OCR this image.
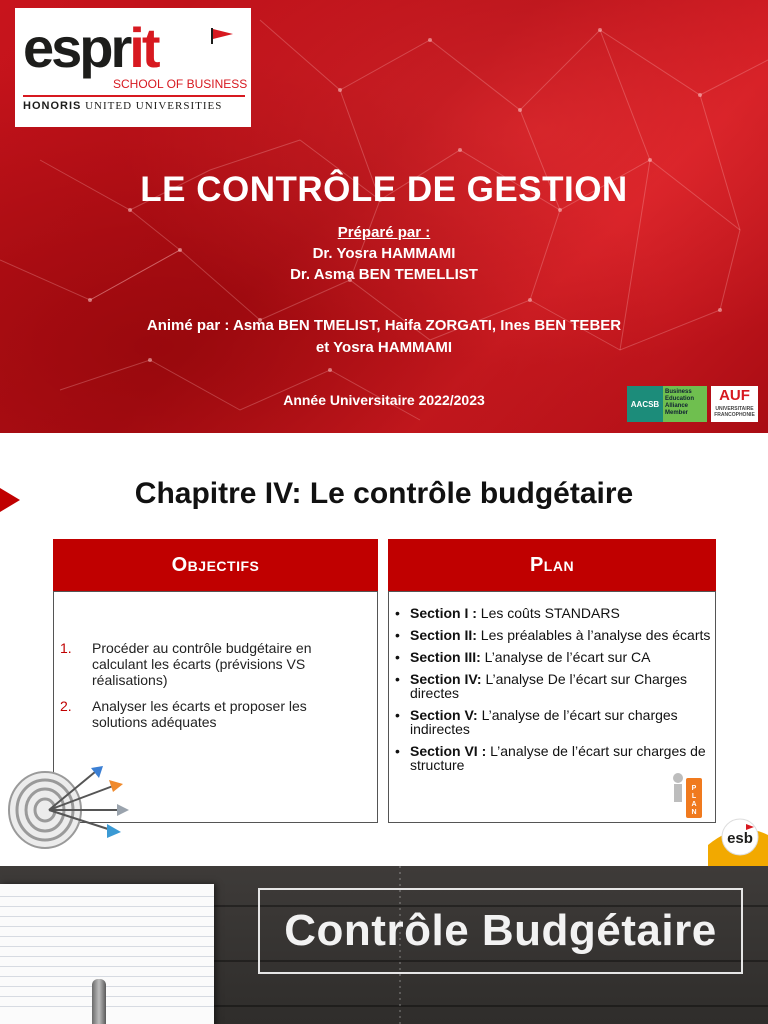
esprit
SCHOOL OF BUSINESS
HONORIS UNITED UNIVERSITIES
LE CONTRÔLE DE GESTION
Préparé par :
Dr. Yosra HAMMAMI
Dr. Asma BEN TEMELLIST
Animé par : Asma BEN TMELIST, Haifa ZORGATI, Ines BEN TEBER
et Yosra HAMMAMI
Année Universitaire 2022/2023	AACSB
Business Education Alliance Member
AUF
UNIVERSITAIRE FRANCOPHONIE
Chapitre IV: Le contrôle budgétaire
Objectifs
1.	Procéder au contrôle budgétaire en calculant les écarts (prévisions VS réalisations)
2.	Analyser les écarts et proposer les solutions adéquates
Plan
• Section I : Les coûts STANDARS
• Section II: Les préalables à l’analyse des écarts
• Section III: L’analyse de l’écart sur CA
• Section IV: L’analyse De l’écart sur Charges directes
• Section V: L’analyse de l’écart sur charges indirectes
• Section VI : L’analyse de l’écart sur charges de structure
P
L
A
N
esb
Contrôle Budgétaire
